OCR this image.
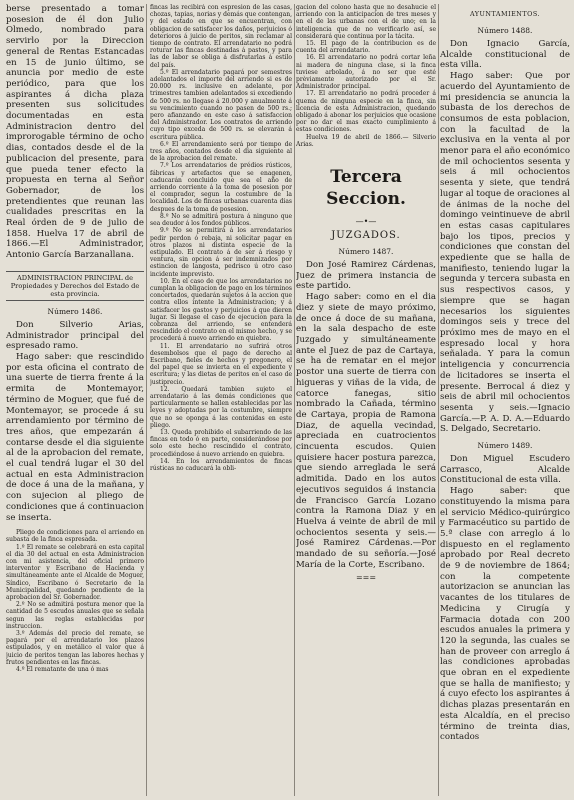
berse presentado a tomar posesion de él don Julio Olmedo, nombrado para servirlo por la Direccion general de Rentas Estancadas en 15 de junio último, se anuncia por medio de este periódico, para que los aspirantes á dicha plaza presenten sus solicitudes documentadas en esta Administracion dentro del improrogable término de ocho dias, contados desde el de la publicacion del presente, para que pueda tener efecto la propuesta en terna al Señor Gobernador, de los pretendientes que reunan las cualidades prescritas en la Real órden de 9 de julio de 1858. Huelva 17 de abril de 1866.—El Administrador, Antonio García Barzanallana.

ADMINISTRACION PRINCIPAL de Propiedades y Derechos del Estado de esta provincia.
Número 1486.

Don Silverio Arias, Administrador principal del espresado ramo.

Hago saber: que rescindido por esta oficina el contrato de una suerte de tierra frente á la ermita de Montemayor, término de Moguer, que fué de Montemayor, se procede á su arrendamiento por término de tres años, que empezarán á contarse desde el dia siguiente al de la aprobacion del remate, el cual tendrá lugar el 30 del actual en esta Administracion de doce á una de la mañana, y con sujecion al pliego de condiciones que á continuacion se inserta.

Pliego de condiciones para el arriendo en subasta de la finca espresada.

1.º El remate se celebrará en esta capital el dia 30 del actual en esta Administracion con mi asistencia, del oficial primero interventor y Escribano de Hacienda y simultáneamente ante el Alcalde de Moguer, Síndico, Escribano ó Secretario de la Municipalidad, quedando pendiente de la aprobacion del Sr. Gobernador.

2.º No se admitirá postura menor que la cantidad de 5 escudos anuales que se señala segun las reglas establecidas por instruccion.

3.º Además del precio del remate, se pagará por el arrendatario los plazos estipulados, y en metálico el valor que á juicio de peritos tengan las labores hechas y frutos pendientes en las fincas.

4.º El rematante de una ó mas

fincas las recibirá con espresion de las casas, chozas, tapias, norias y demás que contengan, y del estado en que se encuentran, con obligacion de satisfacer los daños, perjuicios ó deterioros á juicio de peritos, sin reclamar al tiempo de contrato. El arrendatario no podrá roturar las fincas destinadas á pastos, y para las de labor se obliga á disfrutarlas á estilo del país.

5.º El arrendatario pagará por semestres adelantados el importe del arriendo si es de 20.000 rs. inclusive en adelante, por trimestres tambien adelantados si excediendo de 500 rs. no llegase á 20.000 y anualmente á su vencimiento cuando no pasen de 500 rs.; pero afianzando en este caso á satisfaccion del Administrador. Los contratos de arriendo cuyo tipo exceda de 500 rs. se elevarán á escritura pública.

6.º El arrendamiento será por tiempo de tres años, contados desde el dia siguiente al de la aprobacion del remate.

7.º Los arrendatarios de prédios rústicos, fábricas y artefactos que se enagenen, caducarán concluido que sea el año de arriendo corriente á la toma de posesion por el comprador, segun la costumbre de la localidad. Los de fincas urbanas cuarenta dias despues de la toma de posesion.

8.º No se admitirá postura á ninguno que sea deudor á los fondos públicos.

9.º No se permitirá á los arrendatarios pedir perdon ó rebaja, ni solicitar pagar en otros plazos ni distinta especie de la estipulado. El contrato á de ser á riesgo y ventura, sin opcion á ser indemnizados por estincion de langosta, pedrisco ú otro caso incidente imprevisto.

10. En el caso de que los arrendatarios no cumplan la obligacion de pago en los términos concertados, quedarán sujetos á la accion que contra ellos intente la Administracion; y á satisfacer los gastos y perjuicios á que dieren lugar. Si llegase el caso de ejecucion para la cobranza del arriendo, se entenderá rescindido el contrato en el mismo hecho, y se procederá á nuevo arriendo en quiebra.

11. El arrendatario no sufrirá otros desembolsos que el pago de derecho al Escribano, fieles de hechos y pregonero, el del papel que se invierta en el expediente y escritura; y las dietas de peritos en el caso de justiprecio.

12. Quedará tambien sujeto el arrendatario á las demás condiciones que particularmente se hallen establecidas por las leyes y adoptadas por la costumbre, siempre que no se oponga á las contenidas en este pliego.

13. Queda prohibido el subarriendo de las fincas en todo ó en parte, considerándose por solo este hecho rescindido el contrato, procediéndose á nuevo arriendo en quiebra.

14. En los arrendamientos de fincas rústicas no caducará la obli-

gacion del colono hasta que no desahucie el arriendo con la anticipacion de tres meses y en el de las urbanas con el de uno; en la inteligencia que de no verificarlo así, se considerará que continua por la tácita.

15. El pago de la contribucion es de cuenta del arrendatario.

16. El arrendatario no podrá cortar leña ni madera de ninguna clase, si la finca tuviese arbolado, á no ser que esté prèviamente autorizado por el Sr. Administrador principal.

17. El arrendatario no podrá proceder á quema de ninguna especie en la finca, sin licencia de esta Administracion, quedando obligado á abonar los perjuicios que ocasione por no dar el mas exacto cumplimiento á estas condiciones.

Huelva 19 de abril de 1866.— Silverio Arias.

Tercera Seccion.
—•—
JUZGADOS.
Número 1487.

Don José Ramirez Cárdenas, Juez de primera instancia de este partido.

Hago saber: como en el dia diez y siete de mayo próximo, de once á doce de su mañana, en la sala despacho de este Juzgado y simultáneamente ante el Juez de paz de Cartaya, se ha de rematar en el mejor postor una suerte de tierra con higueras y viñas de la vida, de catorce fanegas, sitio nombrado la Cañada, término de Cartaya, propia de Ramona Diaz, de aquella vecindad, apreciada en cuatrocientos cincuenta escudos. Quien quisiere hacer postura parezca, que siendo arreglada le será admitida. Dado en los autos ejecutivos seguidos á instancia de Francisco García Lozano contra la Ramona Diaz y en Huelva á veinte de abril de mil ochocientos sesenta y seis.—José Ramirez Cárdenas.—Por mandado de su señoría.—José María de la Corte, Escribano.

===
AYUNTAMIENTOS.
Número 1488.

Don Ignacio García, Alcalde constitucional de esta villa.

Hago saber: Que por acuerdo del Ayuntamiento de mi presidencia se anuncia la subasta de los derechos de consumos de esta poblacion, con la facultad de la exclusiva en la venta al por menor para el año económico de mil ochocientos sesenta y seis á mil ochocientos sesenta y siete, que tendrá lugar al toque de oraciones al de ánimas de la noche del domingo veintinueve de abril en estas casas capitulares bajo los tipos, precios y condiciones que constan del expediente que se halla de manifiesto, teniendo lugar la segunda y tercera subasta en sus respectivos casos, y siempre que se hagan necesarios los siguientes domingos seis y trece del próximo mes de mayo en el espresado local y hora señalada. Y para la comun inteligencia y concurrencia de licitadores se inserta el presente. Berrocal á diez y seis de abril mil ochocientos sesenta y seis.—Ignacio García.—P. A. D. A.—Eduardo S. Delgado, Secretario.

Número 1489.

Don Miguel Escudero Carrasco, Alcalde Constitucional de esta villa.

Hago saber: que constituyendo la misma para el servicio Médico-quirúrgico y Farmacéutico su partido de 5.ª clase con arreglo á lo dispuesto en el reglamento aprobado por Real decreto de 9 de noviembre de 1864; con la competente autorizacion se anuncian las vacantes de los titulares de Medicina y Cirugía y Farmacia dotada con 200 escudos anuales la primera y 120 la segunda, las cuales se han de proveer con arreglo á las condiciones aprobadas que obran en el expediente que se halla de manifiesto; y á cuyo efecto los aspirantes á dichas plazas presentarán en esta Alcaldía, en el preciso término de treinta dias, contados
